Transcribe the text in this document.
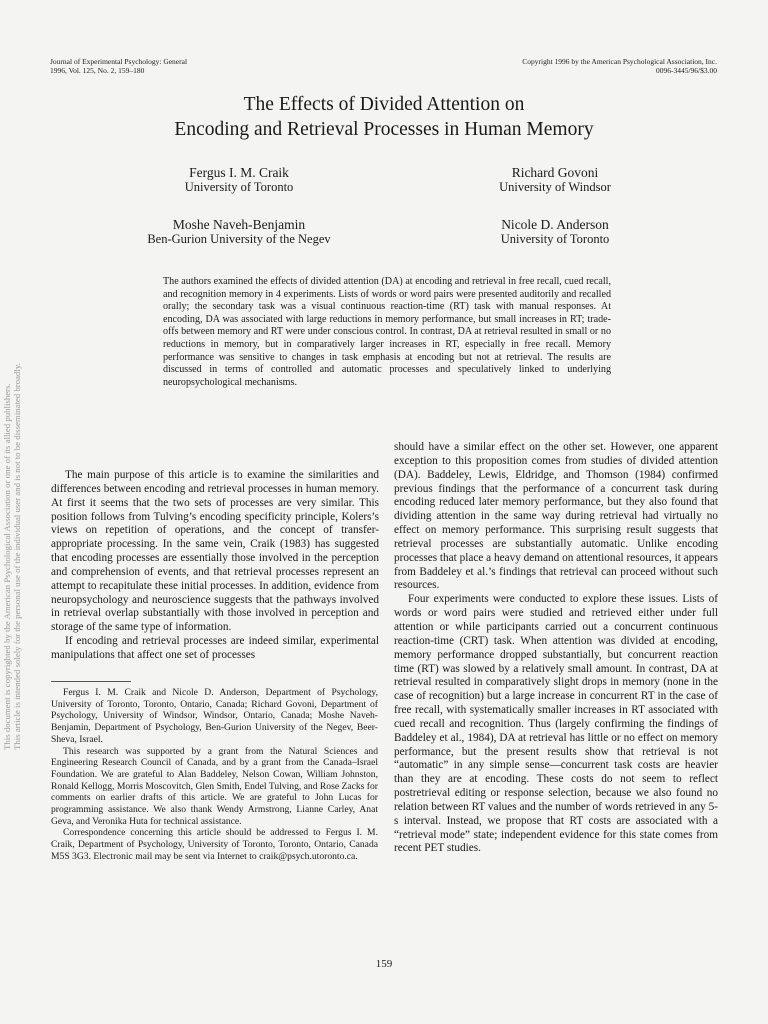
Journal of Experimental Psychology: General
1996, Vol. 125, No. 2, 159–180
Copyright 1996 by the American Psychological Association, Inc.
0096-3445/96/$3.00
The Effects of Divided Attention on
Encoding and Retrieval Processes in Human Memory
Fergus I. M. Craik
University of Toronto
Richard Govoni
University of Windsor
Moshe Naveh-Benjamin
Ben-Gurion University of the Negev
Nicole D. Anderson
University of Toronto
The authors examined the effects of divided attention (DA) at encoding and retrieval in free recall, cued recall, and recognition memory in 4 experiments. Lists of words or word pairs were presented auditorily and recalled orally; the secondary task was a visual continuous reaction-time (RT) task with manual responses. At encoding, DA was associated with large reductions in memory performance, but small increases in RT; trade-offs between memory and RT were under conscious control. In contrast, DA at retrieval resulted in small or no reductions in memory, but in comparatively larger increases in RT, especially in free recall. Memory performance was sensitive to changes in task emphasis at encoding but not at retrieval. The results are discussed in terms of controlled and automatic processes and speculatively linked to underlying neuropsychological mechanisms.

The main purpose of this article is to examine the similarities and differences between encoding and retrieval processes in human memory. At first it seems that the two sets of processes are very similar. This position follows from Tulving’s encoding specificity principle, Kolers’s views on repetition of operations, and the concept of transfer-appropriate processing. In the same vein, Craik (1983) has suggested that encoding processes are essentially those involved in the perception and comprehension of events, and that retrieval processes represent an attempt to recapitulate these initial processes. In addition, evidence from neuropsychology and neuroscience suggests that the pathways involved in retrieval overlap substantially with those involved in perception and storage of the same type of information.

If encoding and retrieval processes are indeed similar, experimental manipulations that affect one set of processes

Fergus I. M. Craik and Nicole D. Anderson, Department of Psychology, University of Toronto, Toronto, Ontario, Canada; Richard Govoni, Department of Psychology, University of Windsor, Windsor, Ontario, Canada; Moshe Naveh-Benjamin, Department of Psychology, Ben-Gurion University of the Negev, Beer-Sheva, Israel.

This research was supported by a grant from the Natural Sciences and Engineering Research Council of Canada, and by a grant from the Canada–Israel Foundation. We are grateful to Alan Baddeley, Nelson Cowan, William Johnston, Ronald Kellogg, Morris Moscovitch, Glen Smith, Endel Tulving, and Rose Zacks for comments on earlier drafts of this article. We are grateful to John Lucas for programming assistance. We also thank Wendy Armstrong, Lianne Carley, Anat Geva, and Veronika Huta for technical assistance.

Correspondence concerning this article should be addressed to Fergus I. M. Craik, Department of Psychology, University of Toronto, Toronto, Ontario, Canada M5S 3G3. Electronic mail may be sent via Internet to craik@psych.utoronto.ca.

should have a similar effect on the other set. However, one apparent exception to this proposition comes from studies of divided attention (DA). Baddeley, Lewis, Eldridge, and Thomson (1984) confirmed previous findings that the performance of a concurrent task during encoding reduced later memory performance, but they also found that dividing attention in the same way during retrieval had virtually no effect on memory performance. This surprising result suggests that retrieval processes are substantially automatic. Unlike encoding processes that place a heavy demand on attentional resources, it appears from Baddeley et al.’s findings that retrieval can proceed without such resources.

Four experiments were conducted to explore these issues. Lists of words or word pairs were studied and retrieved either under full attention or while participants carried out a concurrent continuous reaction-time (CRT) task. When attention was divided at encoding, memory performance dropped substantially, but concurrent reaction time (RT) was slowed by a relatively small amount. In contrast, DA at retrieval resulted in comparatively slight drops in memory (none in the case of recognition) but a large increase in concurrent RT in the case of free recall, with systematically smaller increases in RT associated with cued recall and recognition. Thus (largely confirming the findings of Baddeley et al., 1984), DA at retrieval has little or no effect on memory performance, but the present results show that retrieval is not “automatic” in any simple sense—concurrent task costs are heavier than they are at encoding. These costs do not seem to reflect postretrieval editing or response selection, because we also found no relation between RT values and the number of words retrieved in any 5-s interval. Instead, we propose that RT costs are associated with a “retrieval mode” state; independent evidence for this state comes from recent PET studies.

This document is copyrighted by the American Psychological Association or one of its allied publishers. This article is intended solely for the personal use of the individual user and is not to be disseminated broadly.
159
